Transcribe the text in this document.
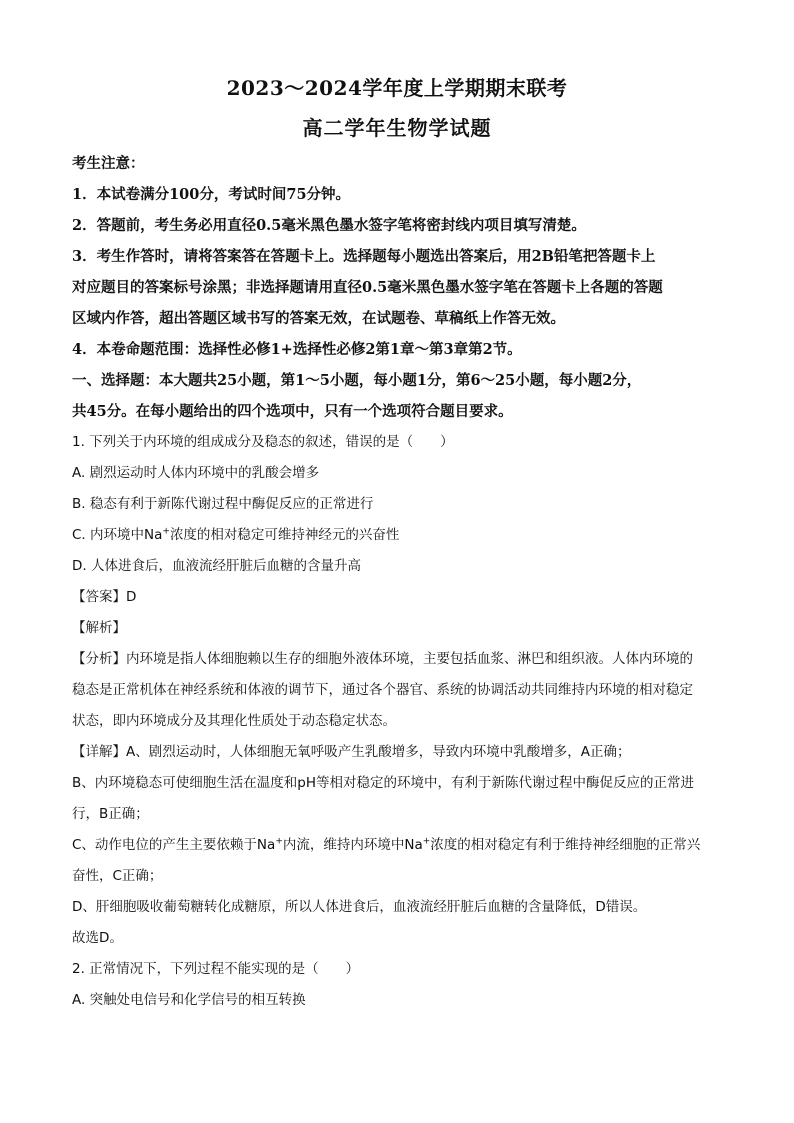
2023～2024学年度上学期期末联考
高二学年生物学试题
考生注意：
1．本试卷满分100分，考试时间75分钟。
2．答题前，考生务必用直径0.5毫米黑色墨水签字笔将密封线内项目填写清楚。
3．考生作答时，请将答案答在答题卡上。选择题每小题选出答案后，用2B铅笔把答题卡上
对应题目的答案标号涂黑；非选择题请用直径0.5毫米黑色墨水签字笔在答题卡上各题的答题
区域内作答，超出答题区域书写的答案无效，在试题卷、草稿纸上作答无效。
4．本卷命题范围：选择性必修1+选择性必修2第1章～第3章第2节。
一、选择题：本大题共25小题，第1～5小题，每小题1分，第6～25小题，每小题2分，
共45分。在每小题给出的四个选项中，只有一个选项符合题目要求。
1. 下列关于内环境的组成成分及稳态的叙述，错误的是（　　）
A. 剧烈运动时人体内环境中的乳酸会增多
B. 稳态有利于新陈代谢过程中酶促反应的正常进行
C. 内环境中Na+浓度的相对稳定可维持神经元的兴奋性
D. 人体进食后，血液流经肝脏后血糖的含量升高
【答案】D
【解析】
【分析】内环境是指人体细胞赖以生存的细胞外液体环境，主要包括血浆、淋巴和组织液。人体内环境的
稳态是正常机体在神经系统和体液的调节下，通过各个器官、系统的协调活动共同维持内环境的相对稳定
状态，即内环境成分及其理化性质处于动态稳定状态。
【详解】A、剧烈运动时，人体细胞无氧呼吸产生乳酸增多，导致内环境中乳酸增多，A正确；
B、内环境稳态可使细胞生活在温度和pH等相对稳定的环境中，有利于新陈代谢过程中酶促反应的正常进
行，B正确；
C、动作电位的产生主要依赖于Na+内流，维持内环境中Na+浓度的相对稳定有利于维持神经细胞的正常兴
奋性，C正确；
D、肝细胞吸收葡萄糖转化成糖原，所以人体进食后，血液流经肝脏后血糖的含量降低，D错误。
故选D。
2. 正常情况下，下列过程不能实现的是（　　）
A. 突触处电信号和化学信号的相互转换
